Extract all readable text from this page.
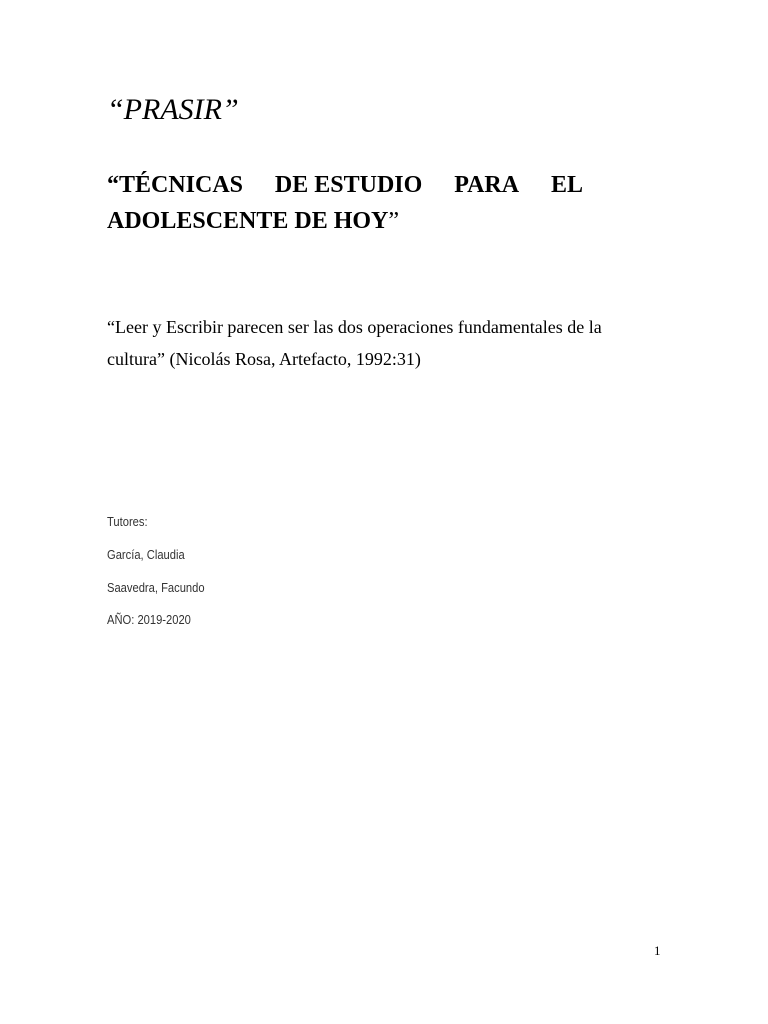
“PRASIR”
“TÉCNICAS DE ESTUDIO PARA EL
ADOLESCENTE DE HOY”

“Leer y Escribir parecen ser las dos operaciones fundamentales de la
cultura” (Nicolás Rosa, Artefacto, 1992:31)

Tutores:

García, Claudia

Saavedra, Facundo

AÑO: 2019-2020

1
